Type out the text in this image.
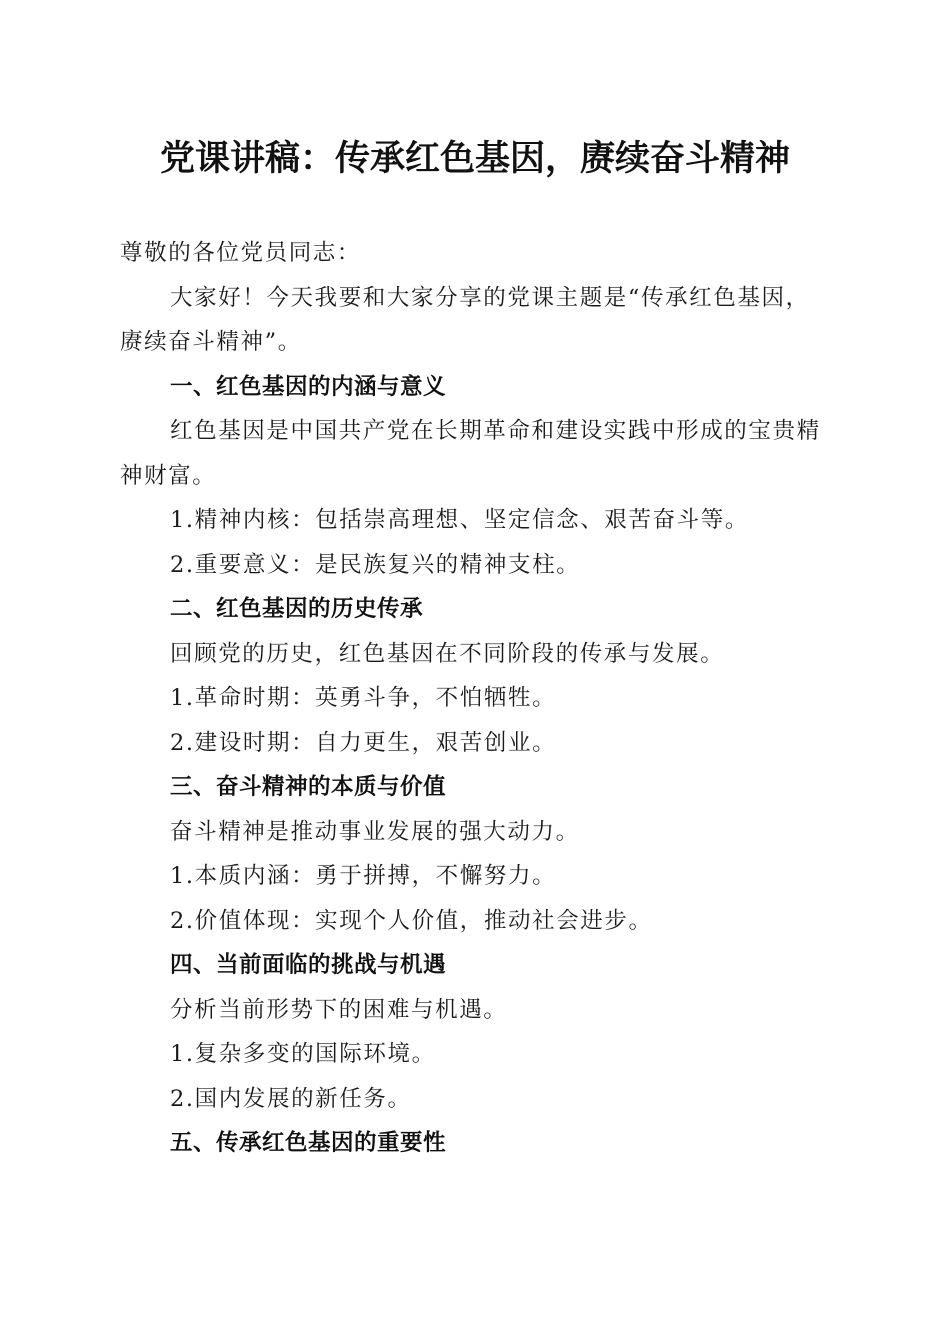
党课讲稿：传承红色基因，赓续奋斗精神

尊敬的各位党员同志：

大家好！今天我要和大家分享的党课主题是“传承红色基因，赓续奋斗精神”。

一、红色基因的内涵与意义

红色基因是中国共产党在长期革命和建设实践中形成的宝贵精神财富。

1.精神内核：包括崇高理想、坚定信念、艰苦奋斗等。

2.重要意义：是民族复兴的精神支柱。

二、红色基因的历史传承

回顾党的历史，红色基因在不同阶段的传承与发展。

1.革命时期：英勇斗争，不怕牺牲。

2.建设时期：自力更生，艰苦创业。

三、奋斗精神的本质与价值

奋斗精神是推动事业发展的强大动力。

1.本质内涵：勇于拼搏，不懈努力。

2.价值体现：实现个人价值，推动社会进步。

四、当前面临的挑战与机遇

分析当前形势下的困难与机遇。

1.复杂多变的国际环境。

2.国内发展的新任务。

五、传承红色基因的重要性
